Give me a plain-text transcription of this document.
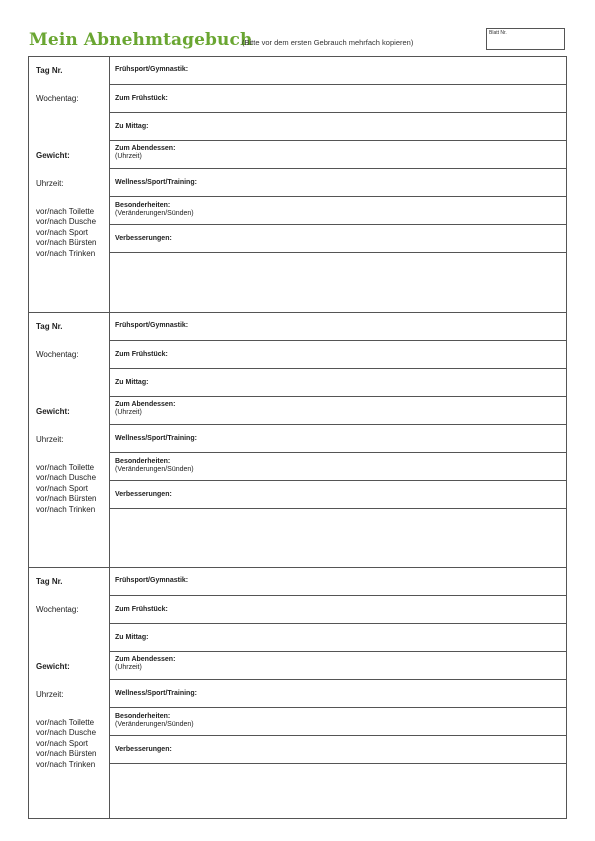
Mein Abnehmtagebuch
(Bitte vor dem ersten Gebrauch mehrfach kopieren)
Blatt Nr.
Tag Nr.
Wochentag:
Gewicht:
Uhrzeit:
vor/nach Toilette
vor/nach Dusche
vor/nach Sport
vor/nach Bürsten
vor/nach Trinken
Frühsport/Gymnastik:
Zum Frühstück:
Zu Mittag:
Zum Abendessen:
(Uhrzeit)
Wellness/Sport/Training:
Besonderheiten:
(Veränderungen/Sünden)
Verbesserungen:
Tag Nr.
Wochentag:
Gewicht:
Uhrzeit:
vor/nach Toilette
vor/nach Dusche
vor/nach Sport
vor/nach Bürsten
vor/nach Trinken
Frühsport/Gymnastik:
Zum Frühstück:
Zu Mittag:
Zum Abendessen:
(Uhrzeit)
Wellness/Sport/Training:
Besonderheiten:
(Veränderungen/Sünden)
Verbesserungen:
Tag Nr.
Wochentag:
Gewicht:
Uhrzeit:
vor/nach Toilette
vor/nach Dusche
vor/nach Sport
vor/nach Bürsten
vor/nach Trinken
Frühsport/Gymnastik:
Zum Frühstück:
Zu Mittag:
Zum Abendessen:
(Uhrzeit)
Wellness/Sport/Training:
Besonderheiten:
(Veränderungen/Sünden)
Verbesserungen:
